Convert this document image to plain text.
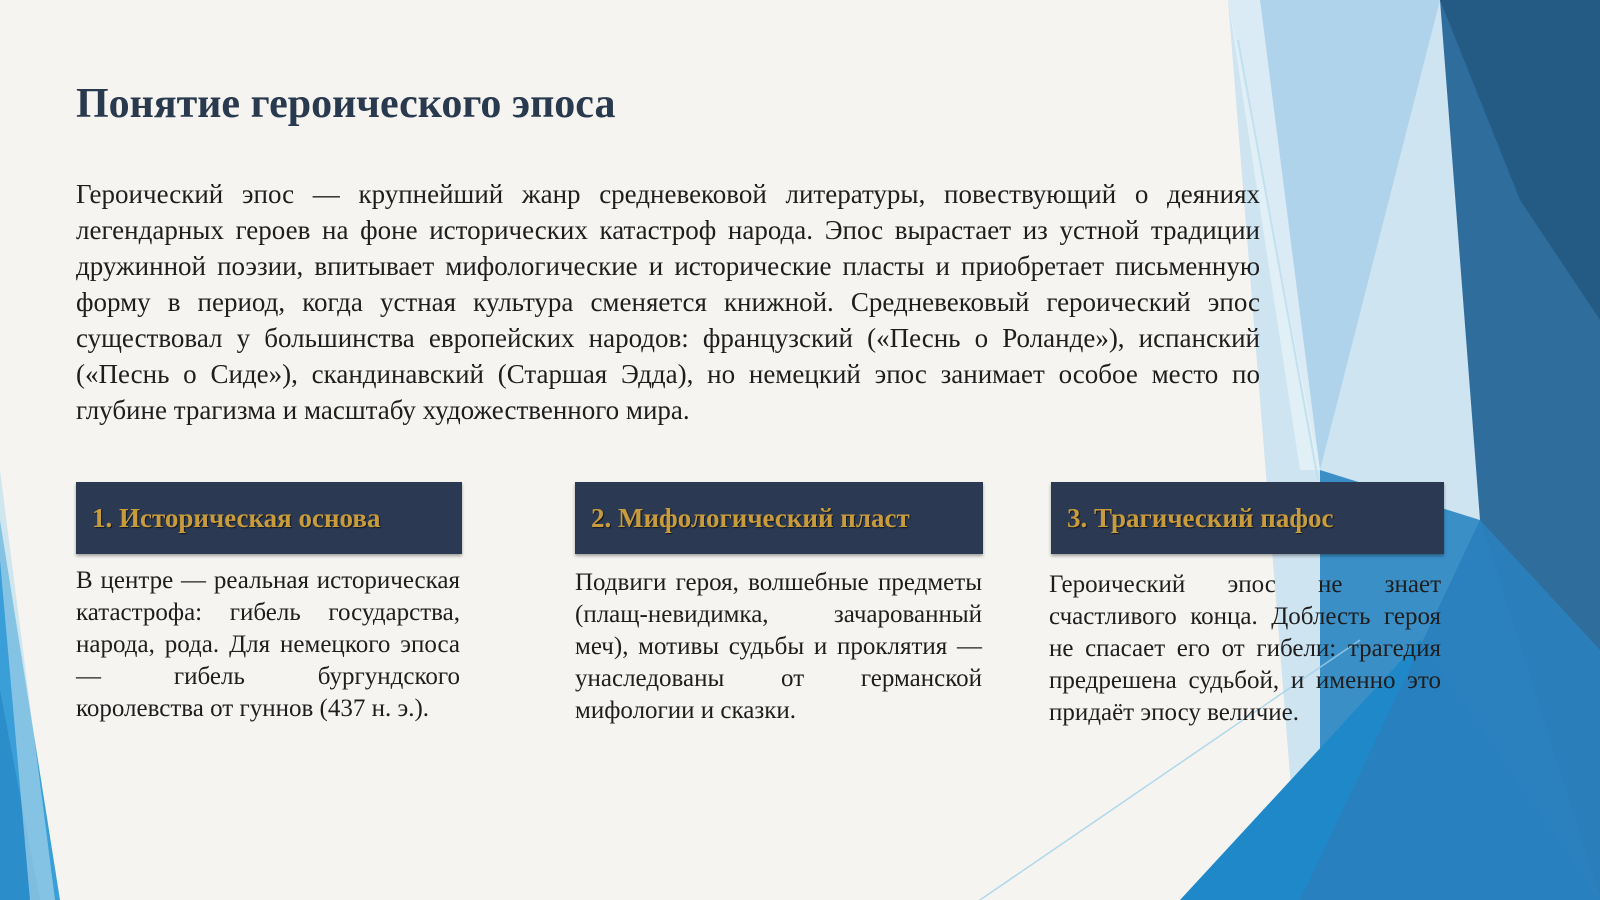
Понятие героического эпоса

Героический эпос — крупнейший жанр средневековой литературы, повествующий о деяниях легендарных героев на фоне исторических катастроф народа. Эпос вырастает из устной традиции дружинной поэзии, впитывает мифологические и исторические пласты и приобретает письменную форму в период, когда устная культура сменяется книжной. Средневековый героический эпос существовал у большинства европейских народов: французский («Песнь о Роланде»), испанский («Песнь о Сиде»), скандинавский (Старшая Эдда), но немецкий эпос занимает особое место по глубине трагизма и масштабу художественного мира.

1. Историческая основа

В центре — реальная историческая катастрофа: гибель государства, народа, рода. Для немецкого эпоса — гибель бургундского королевства от гуннов (437 н. э.).

2. Мифологический пласт

Подвиги героя, волшебные предметы (плащ-невидимка, зачарованный меч), мотивы судьбы и проклятия — унаследованы от германской мифологии и сказки.

3. Трагический пафос

Героический эпос не знает счастливого конца. Доблесть героя не спасает его от гибели: трагедия предрешена судьбой, и именно это придаёт эпосу величие.
